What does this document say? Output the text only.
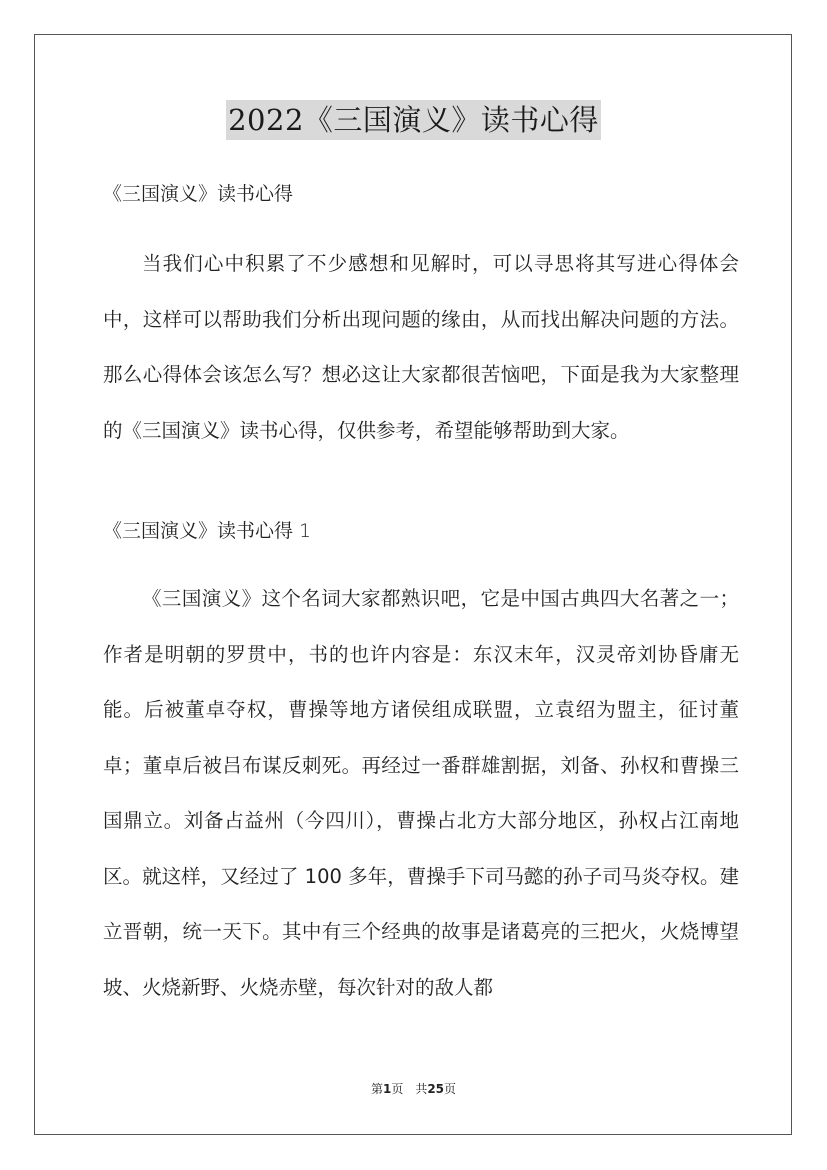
2022《三国演义》读书心得
《三国演义》读书心得
当我们心中积累了不少感想和见解时，可以寻思将其写进心得体会中，这样可以帮助我们分析出现问题的缘由，从而找出解决问题的方法。那么心得体会该怎么写？想必这让大家都很苦恼吧，下面是我为大家整理的《三国演义》读书心得，仅供参考，希望能够帮助到大家。
《三国演义》读书心得 1
《三国演义》这个名词大家都熟识吧，它是中国古典四大名著之一；作者是明朝的罗贯中，书的也许内容是：东汉末年，汉灵帝刘协昏庸无能。后被董卓夺权，曹操等地方诸侯组成联盟，立袁绍为盟主，征讨董卓；董卓后被吕布谋反刺死。再经过一番群雄割据，刘备、孙权和曹操三国鼎立。刘备占益州（今四川），曹操占北方大部分地区，孙权占江南地区。就这样，又经过了 100 多年，曹操手下司马懿的孙子司马炎夺权。建立晋朝，统一天下。其中有三个经典的故事是诸葛亮的三把火，火烧博望坡、火烧新野、火烧赤壁，每次针对的敌人都
第1页　共25页
